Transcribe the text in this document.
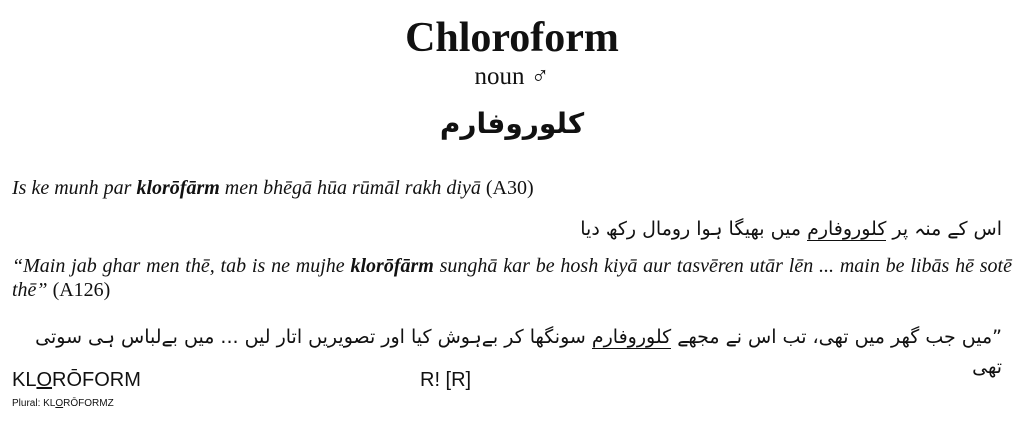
Chloroform
noun ♂
کلوروفارم
Is ke munh par klorōfārm men bhēgā hūa rūmāl rakh diyā (A30)
اس کے منہ پر کلوروفارم میں بھیگا ہوا رومال رکھ دیا
“Main jab ghar men thē, tab is ne mujhe klorōfārm sunghā kar be hosh kiyā aur tasvēren utār lēn ... main be libās hē sotē thē” (A126)
”میں جب گھر میں تھی، تب اس نے مجھے کلوروفارم سونگھا کر بےہوش کیا اور تصویریں اتار لیں ... میں بےلباس ہی سوتی تھی
KLORŌFORM	R! [R]
Plural: KLORŌFORMZ
